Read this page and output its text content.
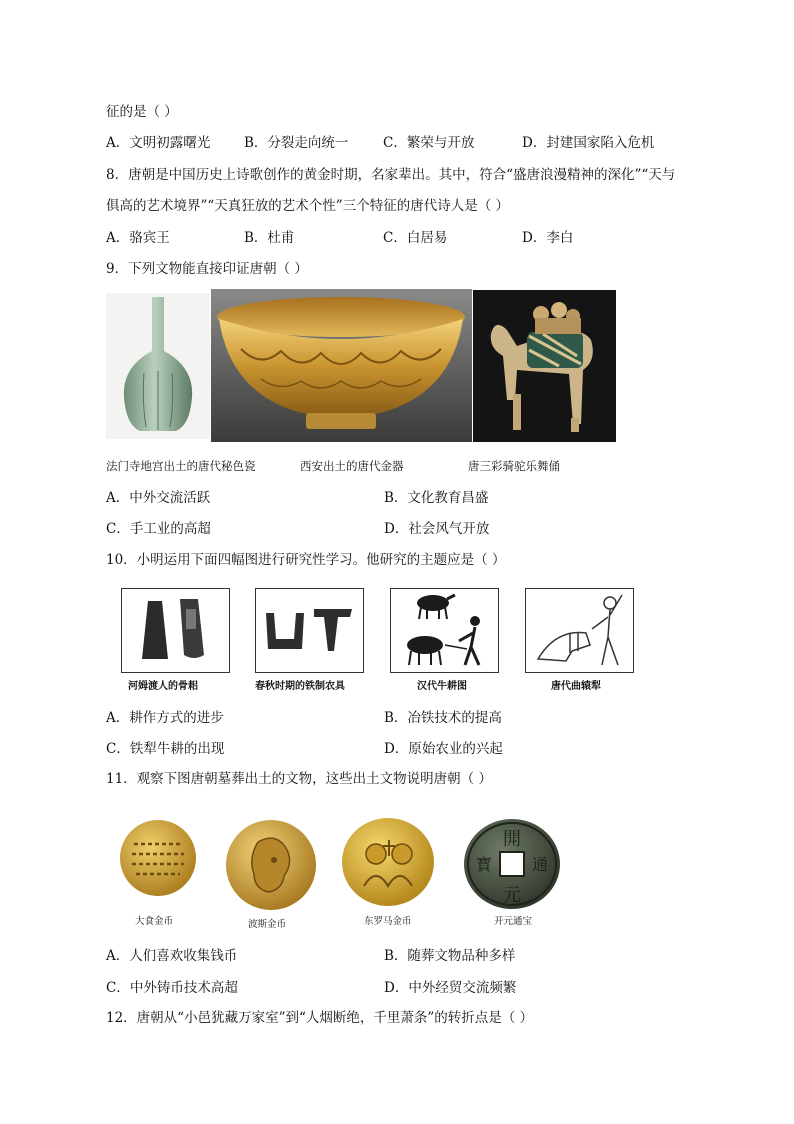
征的是（ ）
A．文明初露曙光	B．分裂走向统一	C．繁荣与开放	D．封建国家陷入危机
8．唐朝是中国历史上诗歌创作的黄金时期，名家辈出。其中，符合“盛唐浪漫精神的深化”“天与
俱高的艺术境界”“天真狂放的艺术个性”三个特征的唐代诗人是（ ）
A．骆宾王	B．杜甫	C．白居易	D．李白
9．下列文物能直接印证唐朝（ ）
法门寺地宫出土的唐代秘色瓷	西安出土的唐代金器	唐三彩骑驼乐舞俑
A．中外交流活跃	B．文化教育昌盛
C．手工业的高超	D．社会风气开放
10．小明运用下面四幅图进行研究性学习。他研究的主题应是（ ）
河姆渡人的骨耜	春秋时期的铁制农具	汉代牛耕图	唐代曲辕犁
A．耕作方式的进步	B．冶铁技术的提高
C．铁犁牛耕的出现	D．原始农业的兴起
11．观察下图唐朝墓葬出土的文物，这些出土文物说明唐朝（ ）
開
通
元
寳
大食金币	波斯金币	东罗马金币	开元通宝
A．人们喜欢收集钱币	B．随葬文物品种多样
C．中外铸币技术高超	D．中外经贸交流频繁
12．唐朝从“小邑犹藏万家室”到“人烟断绝，千里萧条”的转折点是（ ）
